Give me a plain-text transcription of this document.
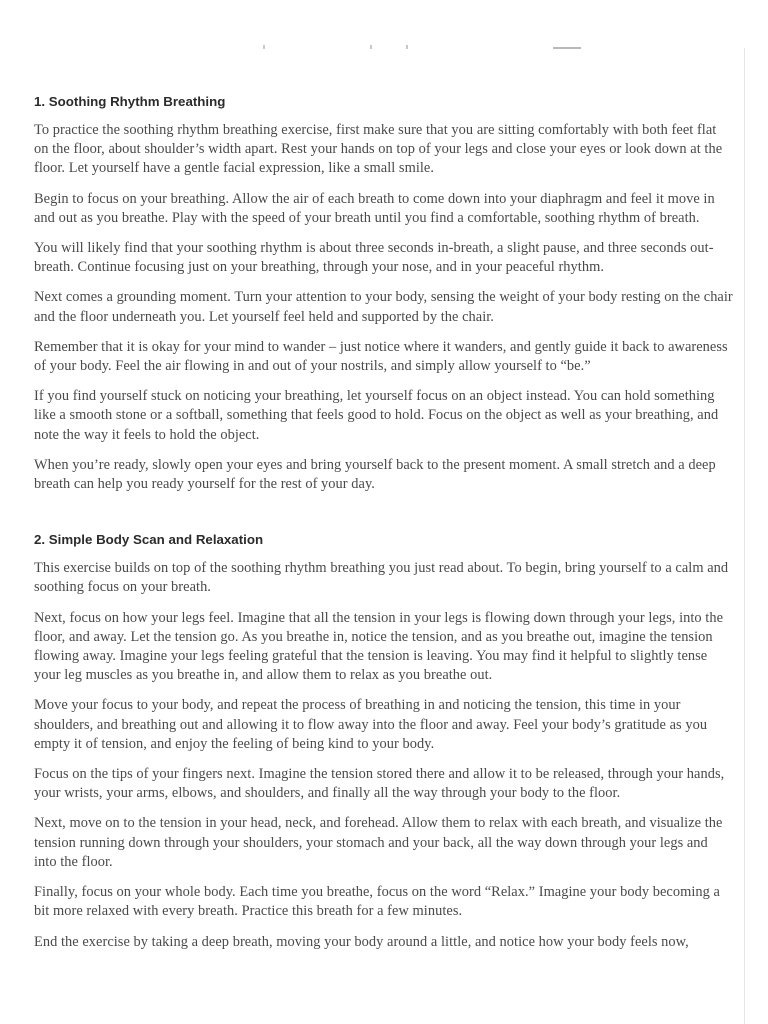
1. Soothing Rhythm Breathing

To practice the soothing rhythm breathing exercise, first make sure that you are sitting comfortably with both feet flat on the floor, about shoulder’s width apart. Rest your hands on top of your legs and close your eyes or look down at the floor. Let yourself have a gentle facial expression, like a small smile.

Begin to focus on your breathing. Allow the air of each breath to come down into your diaphragm and feel it move in and out as you breathe. Play with the speed of your breath until you find a comfortable, soothing rhythm of breath.

You will likely find that your soothing rhythm is about three seconds in-breath, a slight pause, and three seconds out-breath. Continue focusing just on your breathing, through your nose, and in your peaceful rhythm.

Next comes a grounding moment. Turn your attention to your body, sensing the weight of your body resting on the chair and the floor underneath you. Let yourself feel held and supported by the chair.

Remember that it is okay for your mind to wander – just notice where it wanders, and gently guide it back to awareness of your body. Feel the air flowing in and out of your nostrils, and simply allow yourself to “be.”

If you find yourself stuck on noticing your breathing, let yourself focus on an object instead. You can hold something like a smooth stone or a softball, something that feels good to hold. Focus on the object as well as your breathing, and note the way it feels to hold the object.

When you’re ready, slowly open your eyes and bring yourself back to the present moment. A small stretch and a deep breath can help you ready yourself for the rest of your day.

2. Simple Body Scan and Relaxation

This exercise builds on top of the soothing rhythm breathing you just read about. To begin, bring yourself to a calm and soothing focus on your breath.

Next, focus on how your legs feel. Imagine that all the tension in your legs is flowing down through your legs, into the floor, and away. Let the tension go. As you breathe in, notice the tension, and as you breathe out, imagine the tension flowing away. Imagine your legs feeling grateful that the tension is leaving. You may find it helpful to slightly tense your leg muscles as you breathe in, and allow them to relax as you breathe out.

Move your focus to your body, and repeat the process of breathing in and noticing the tension, this time in your shoulders, and breathing out and allowing it to flow away into the floor and away. Feel your body’s gratitude as you empty it of tension, and enjoy the feeling of being kind to your body.

Focus on the tips of your fingers next. Imagine the tension stored there and allow it to be released, through your hands, your wrists, your arms, elbows, and shoulders, and finally all the way through your body to the floor.

Next, move on to the tension in your head, neck, and forehead. Allow them to relax with each breath, and visualize the tension running down through your shoulders, your stomach and your back, all the way down through your legs and into the floor.

Finally, focus on your whole body. Each time you breathe, focus on the word “Relax.” Imagine your body becoming a bit more relaxed with every breath. Practice this breath for a few minutes.

End the exercise by taking a deep breath, moving your body around a little, and notice how your body feels now,
